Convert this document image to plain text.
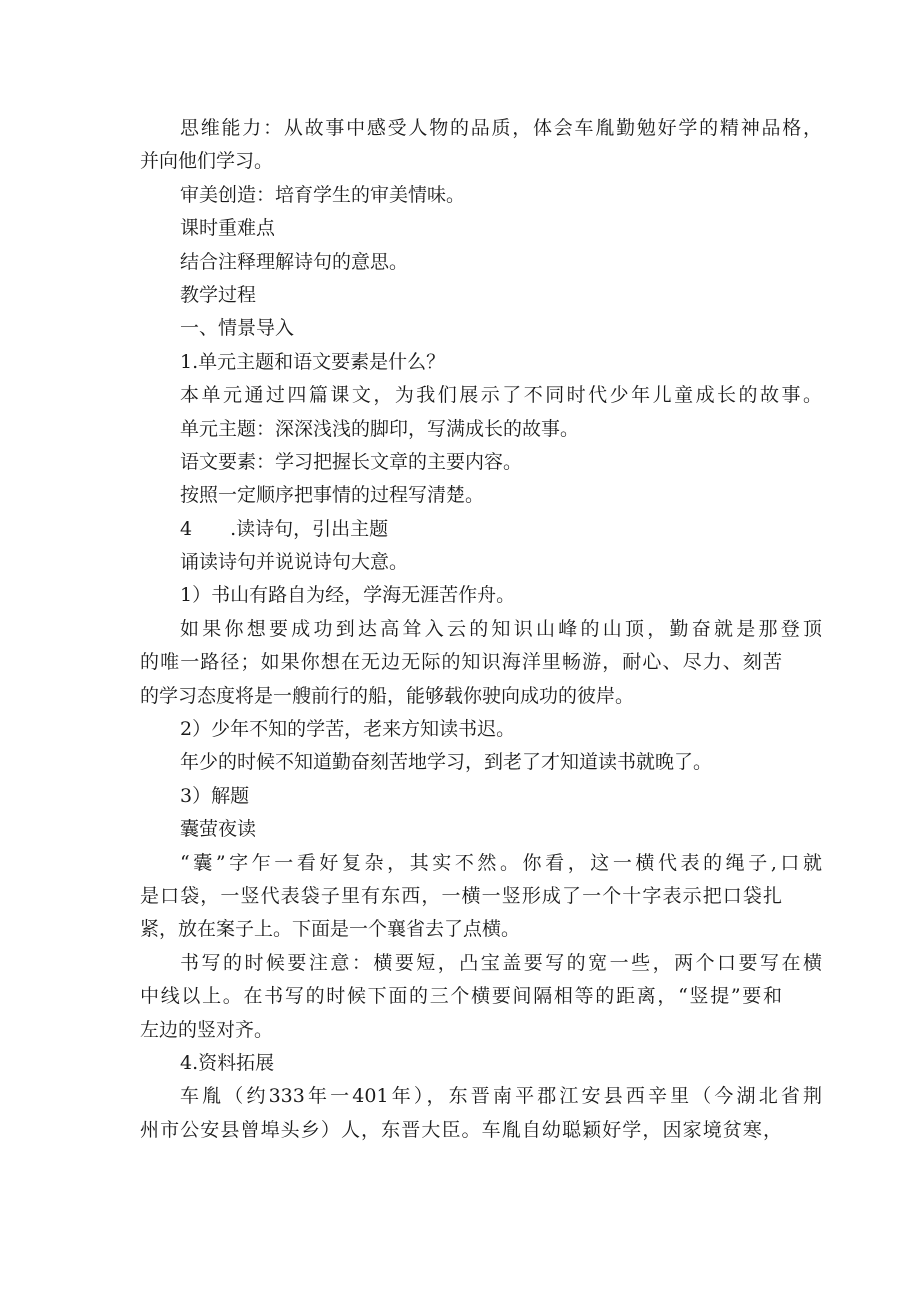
思维能力：从故事中感受人物的品质，体会车胤勤勉好学的精神品格，
并向他们学习。
审美创造：培育学生的审美情味。
课时重难点
结合注释理解诗句的意思。
教学过程
一、情景导入
1.单元主题和语文要素是什么？
本单元通过四篇课文，为我们展示了不同时代少年儿童成长的故事。
单元主题：深深浅浅的脚印，写满成长的故事。
语文要素：学习把握长文章的主要内容。
按照一定顺序把事情的过程写清楚。
4 .读诗句，引出主题
诵读诗句并说说诗句大意。
1）书山有路自为经，学海无涯苦作舟。
如果你想要成功到达高耸入云的知识山峰的山顶，勤奋就是那登顶
的唯一路径；如果你想在无边无际的知识海洋里畅游，耐心、尽力、刻苦
的学习态度将是一艘前行的船，能够载你驶向成功的彼岸。
2）少年不知的学苦，老来方知读书迟。
年少的时候不知道勤奋刻苦地学习，到老了才知道读书就晚了。
3）解题
囊萤夜读
“囊”字乍一看好复杂，其实不然。你看，这一横代表的绳子,口就
是口袋，一竖代表袋子里有东西，一横一竖形成了一个十字表示把口袋扎
紧，放在案子上。下面是一个襄省去了点横。
书写的时候要注意：横要短，凸宝盖要写的宽一些，两个口要写在横
中线以上。在书写的时候下面的三个横要间隔相等的距离，“竖提”要和
左边的竖对齐。
4.资料拓展
车胤（约333年一401年），东晋南平郡江安县西辛里（今湖北省荆
州市公安县曾埠头乡）人，东晋大臣。车胤自幼聪颖好学，因家境贫寒，
